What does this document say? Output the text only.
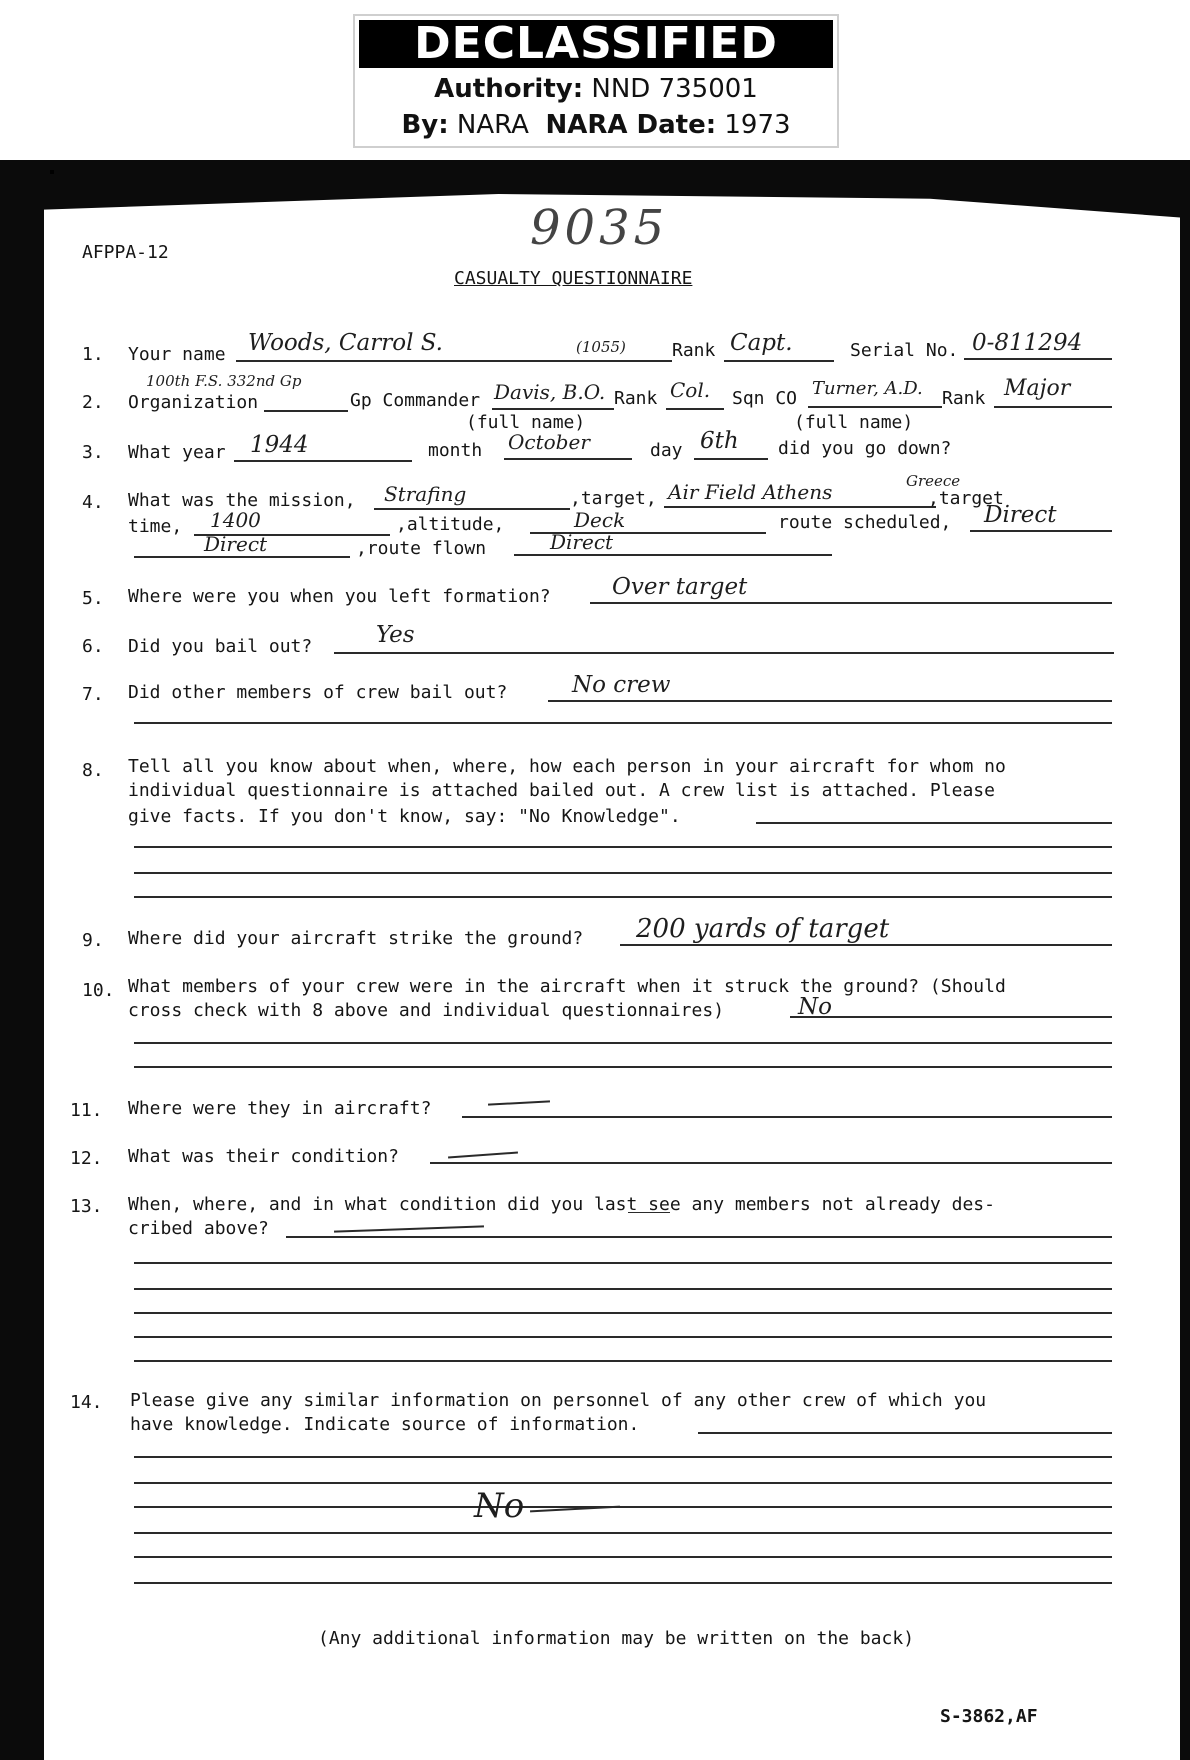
DECLASSIFIED
Authority: NND 735001
By: NARA NARA Date: 1973
AFPPA-12	9035
CASUALTY QUESTIONNAIRE
1. Your name Woods, Carrol S.	(1055)	Rank Capt.	Serial No. 0-811294
2. Organization
100th F.S. 332nd Gp
Gp Commander Davis, B.O. Rank Col. Sqn CO Turner, A.D. Rank Major
(full name)	(full name)
3. What year 1944	month October	day 6th did you go down?
4. What was the mission, Strafing	,target, Air Field Athens	Greece
,target
time, 1400	,altitude,	Deck	route scheduled, Direct
Direct	,route flown	Direct
5. Where were you when you left formation?	Over target
6. Did you bail out?	Yes
7. Did other members of crew bail out?	No crew
8. Tell all you know about when, where, how each person in your aircraft for whom no
individual questionnaire is attached bailed out. A crew list is attached. Please
give facts. If you don't know, say: "No Knowledge".
9. Where did your aircraft strike the ground? 200 yards of target
10. What members of your crew were in the aircraft when it struck the ground? (Should
cross check with 8 above and individual questionnaires)	No
11. Where were they in aircraft?
12. What was their condition?
13. When, where, and in what condition did you last see any members not already des-
cribed above?
14. Please give any similar information on personnel of any other crew of which you
have knowledge. Indicate source of information.
No
(Any additional information may be written on the back)
S-3862,AF
